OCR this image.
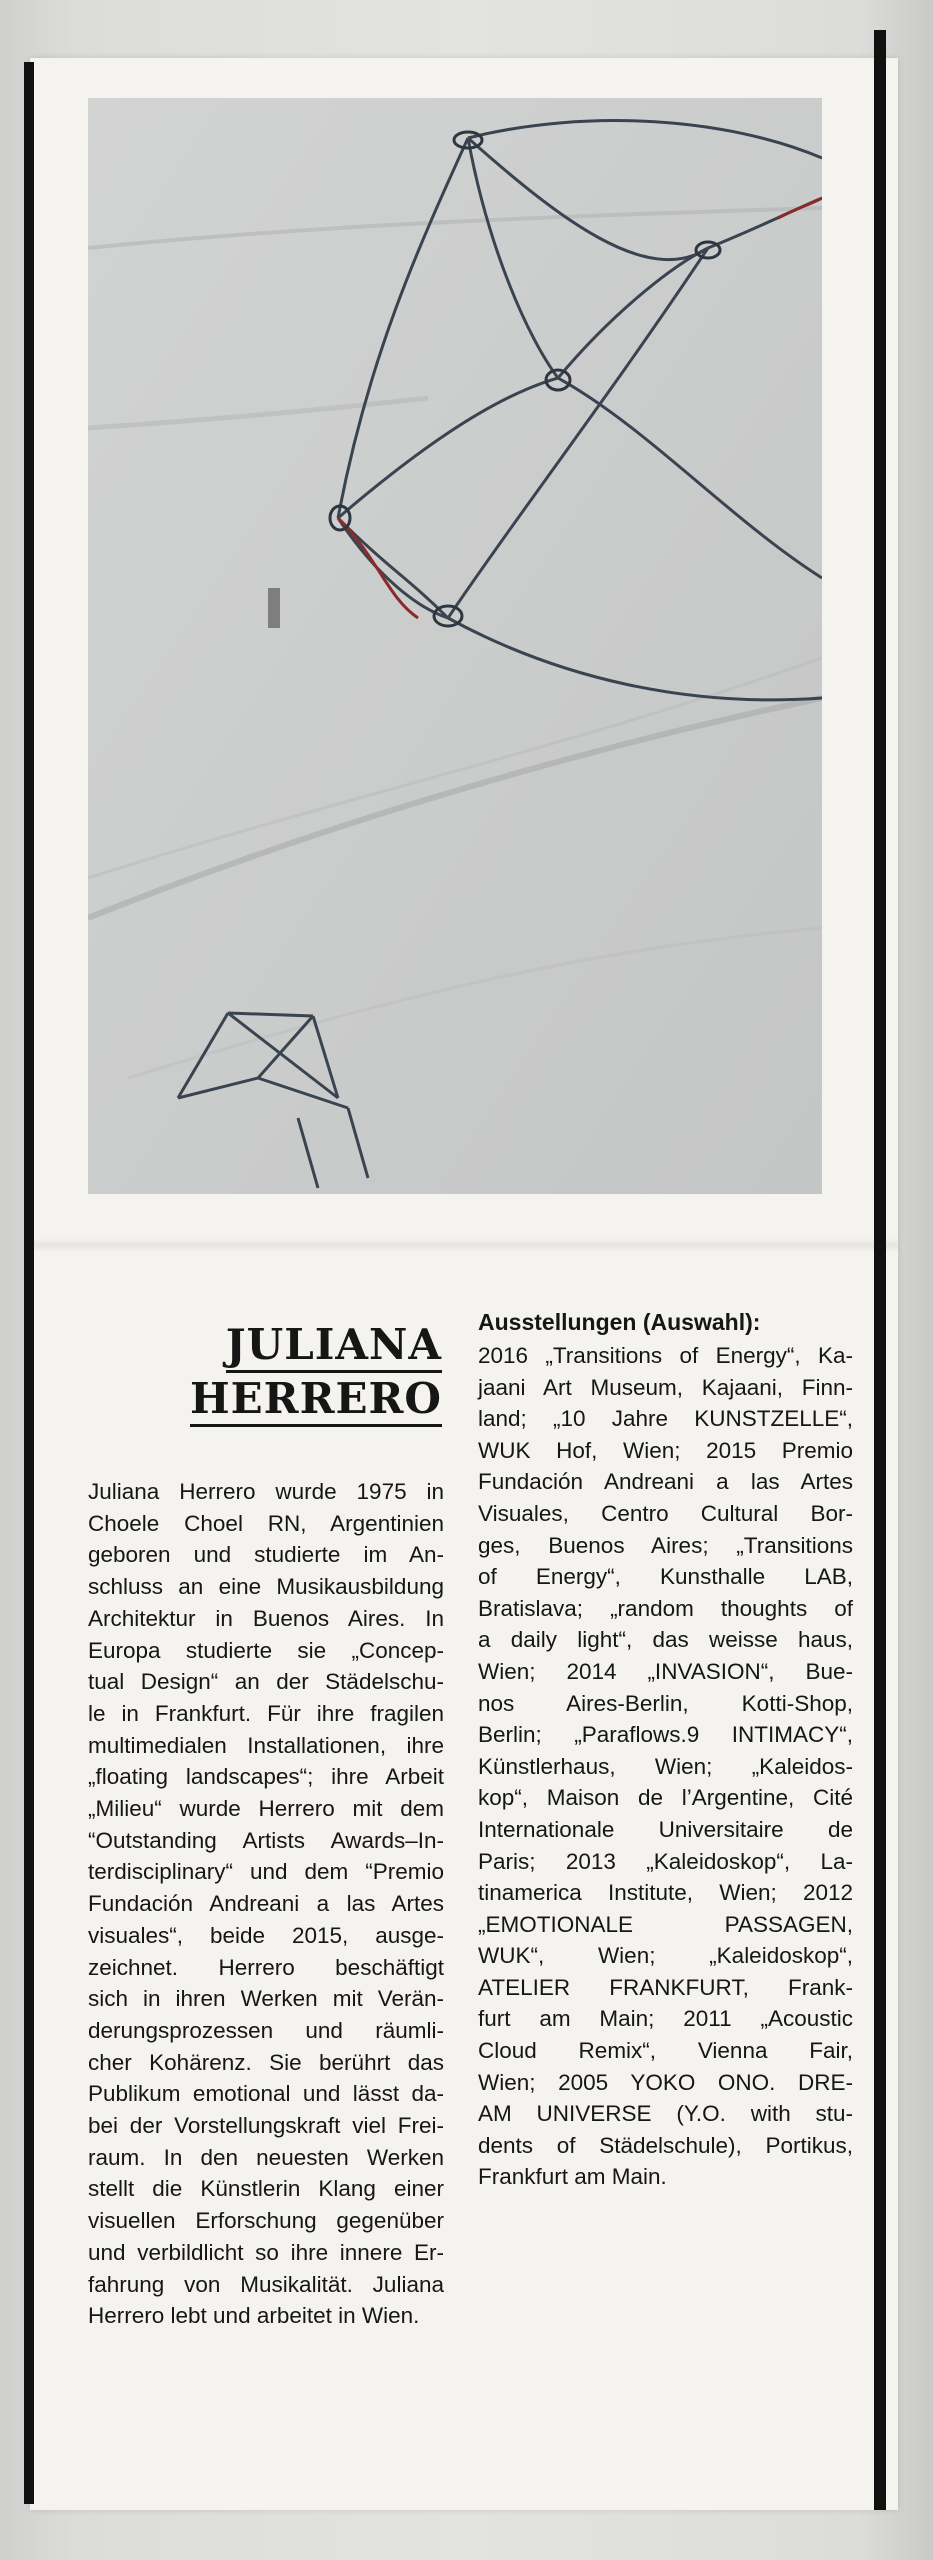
JULIANA
HERRERO
Juliana Herrero wurde 1975 in
Choele Choel RN, Argentinien
geboren und studierte im An-
schluss an eine Musikausbildung
Architektur in Buenos Aires. In
Europa studierte sie „Concep-
tual Design“ an der Städelschu-
le in Frankfurt. Für ihre fragilen
multimedialen Installationen, ihre
„floating landscapes“; ihre Arbeit
„Milieu“ wurde Herrero mit dem
“Outstanding Artists Awards–In-
terdisciplinary“ und dem “Premio
Fundación Andreani a las Artes
visuales“, beide 2015, ausge-
zeichnet. Herrero beschäftigt
sich in ihren Werken mit Verän-
derungsprozessen und räumli-
cher Kohärenz. Sie berührt das
Publikum emotional und lässt da-
bei der Vorstellungskraft viel Frei-
raum. In den neuesten Werken
stellt die Künstlerin Klang einer
visuellen Erforschung gegenüber
und verbildlicht so ihre innere Er-
fahrung von Musikalität. Juliana
Herrero lebt und arbeitet in Wien.
Ausstellungen (Auswahl):
2016 „Transitions of Energy“, Ka-
jaani Art Museum, Kajaani, Finn-
land; „10 Jahre KUNSTZELLE“,
WUK Hof, Wien; 2015 Premio
Fundación Andreani a las Artes
Visuales, Centro Cultural Bor-
ges, Buenos Aires; „Transitions
of Energy“, Kunsthalle LAB,
Bratislava; „random thoughts of
a daily light“, das weisse haus,
Wien; 2014 „INVASION“, Bue-
nos Aires-Berlin, Kotti-Shop,
Berlin; „Paraflows.9 INTIMACY“,
Künstlerhaus, Wien; „Kaleidos-
kop“, Maison de l’Argentine, Cité
Internationale Universitaire de
Paris; 2013 „Kaleidoskop“, La-
tinamerica Institute, Wien; 2012
„EMOTIONALE PASSAGEN,
WUK“, Wien; „Kaleidoskop“,
ATELIER FRANKFURT, Frank-
furt am Main; 2011 „Acoustic
Cloud Remix“, Vienna Fair,
Wien; 2005 YOKO ONO. DRE-
AM UNIVERSE (Y.O. with stu-
dents of Städelschule), Portikus,
Frankfurt am Main.
